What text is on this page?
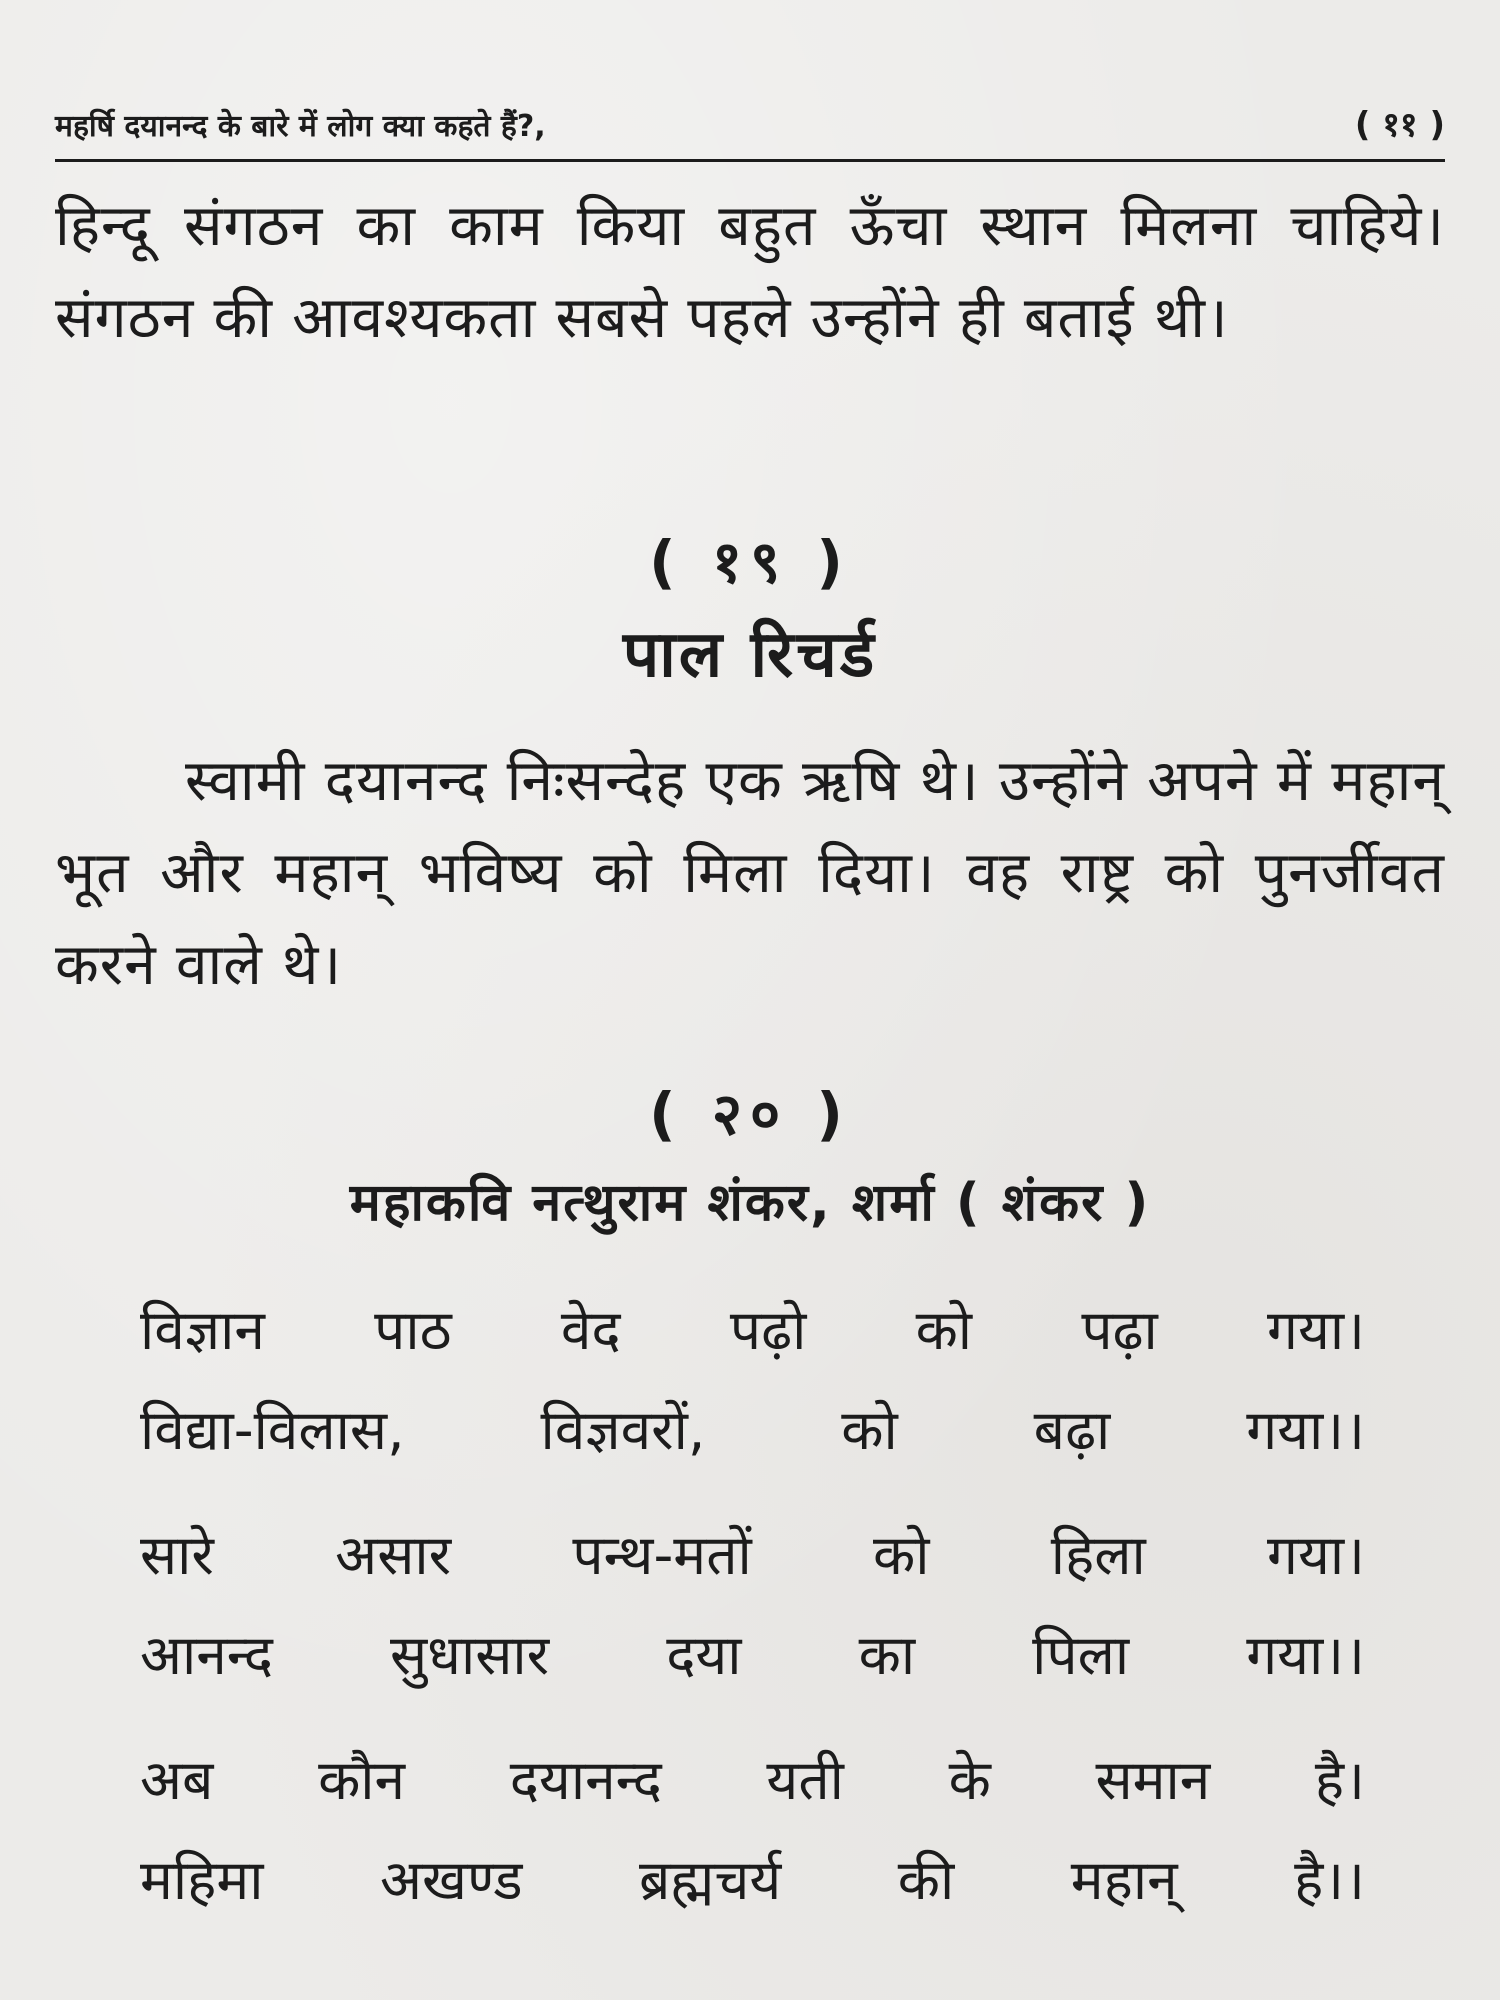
महर्षि दयानन्द के बारे में लोग क्या कहते हैं?,	( ११ )

हिन्दू संगठन का काम किया बहुत ऊँचा स्थान मिलना चाहिये। संगठन की आवश्यकता सबसे पहले उन्होंने ही बताई थी।

( १९ )
पाल रिचर्ड

स्वामी दयानन्द निःसन्देह एक ऋषि थे। उन्होंने अपने में महान् भूत और महान् भविष्य को मिला दिया। वह राष्ट्र को पुनर्जीवत करने वाले थे।

( २० )
महाकवि नत्थुराम शंकर, शर्मा ( शंकर )
विज्ञान पाठ वेद पढ़ो को पढ़ा गया।
विद्या-विलास, विज्ञवरों, को बढ़ा गया।।
सारे असार पन्थ-मतों को हिला गया।
आनन्द सुधासार दया का पिला गया।।
अब कौन दयानन्द यती के समान है।
महिमा अखण्ड ब्रह्मचर्य की महान् है।।
